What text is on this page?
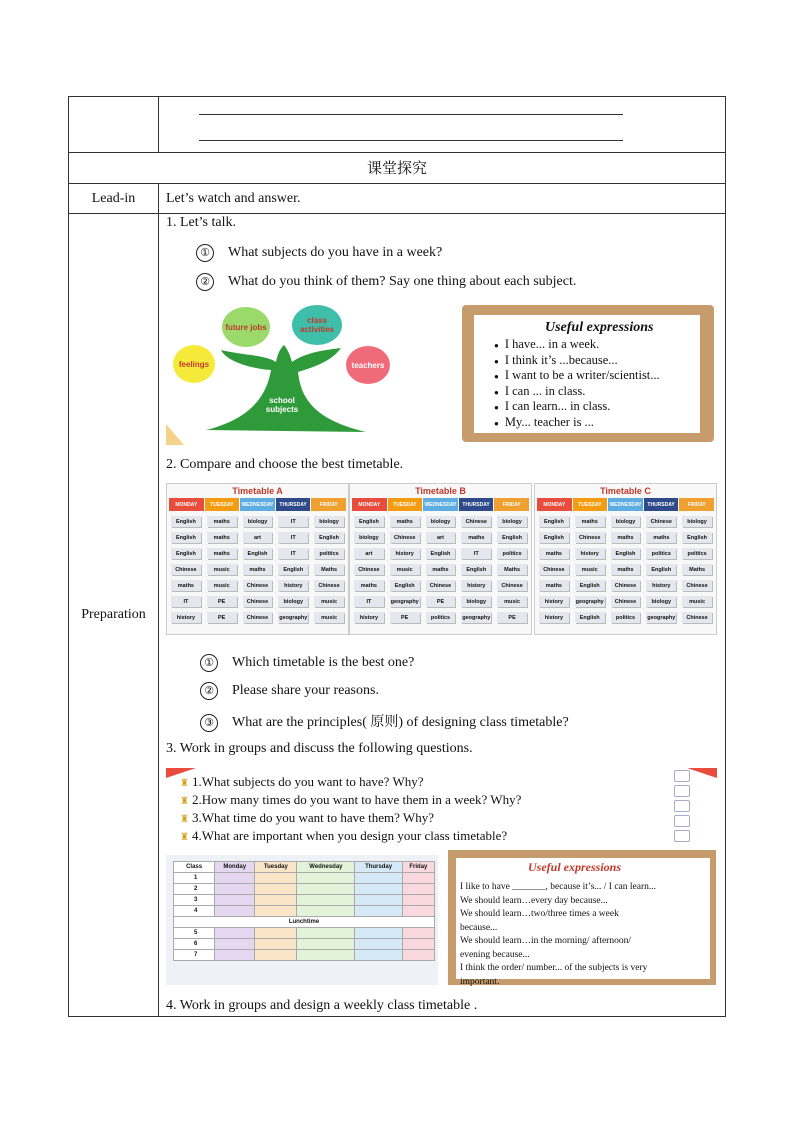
课堂探究
Lead-in	Let’s watch and answer.
Preparation
1. Let’s talk.
① What subjects do you have in a week?
② What do you think of them? Say one thing about each subject.
future jobs
class activities
feelings	teachers
school subjects
Useful expressions
● I have... in a week.
● I think it’s ...because...
● I want to be a writer/scientist...
● I can ... in class.
● I can learn... in class.
● My... teacher is ...
2. Compare and choose the best timetable.
Timetable A
MONDAY	TUESDAY	WEDNESDAY	THURSDAY	FRIDAY
English	maths	biology	IT	biology
English	maths	art	IT	English
English	maths	English	IT	politics
Chinese	music	maths	English	Maths
maths	music	Chinese	history	Chinese
IT	PE	Chinese	biology	music
history	PE	Chinese	geography	music
Timetable B
MONDAY	TUESDAY	WEDNESDAY	THURSDAY	FRIDAY
English	maths	biology	Chinese	biology
biology	Chinese	art	maths	English
art	history	English	IT	politics
Chinese	music	maths	English	Maths
maths	English	Chinese	history	Chinese
IT	geography	PE	biology	music
history	PE	politics	geography	PE
Timetable C
MONDAY	TUESDAY	WEDNESDAY	THURSDAY	FRIDAY
English	maths	biology	Chinese	biology
English	Chinese	maths	maths	English
maths	history	English	politics	politics
Chinese	music	maths	English	Maths
maths	English	Chinese	history	Chinese
history	geography	Chinese	biology	music
history	English	politics	geography	Chinese
① Which timetable is the best one?
② Please share your reasons.
③ What are the principles( 原则) of designing class timetable?
3. Work in groups and discuss the following questions.
♜ 1.What subjects do you want to have? Why?
♜ 2.How many times do you want to have them in a week? Why?
♜ 3.What time do you want to have them? Why?
♜ 4.What are important when you design your class timetable?
Class	Monday	Tuesday	Wednesday	Thursday	Friday
1					
2					
3					
4					
Lunchtime					
5					
6					
7					
Useful expressions
I like to have _______, because it’s... / I can learn...
We should learn…every day because...
We should learn…two/three times a week
because...
We should learn…in the morning/ afternoon/
evening because...
I think the order/ number... of the subjects is very
important.
4. Work in groups and design a weekly class timetable .
